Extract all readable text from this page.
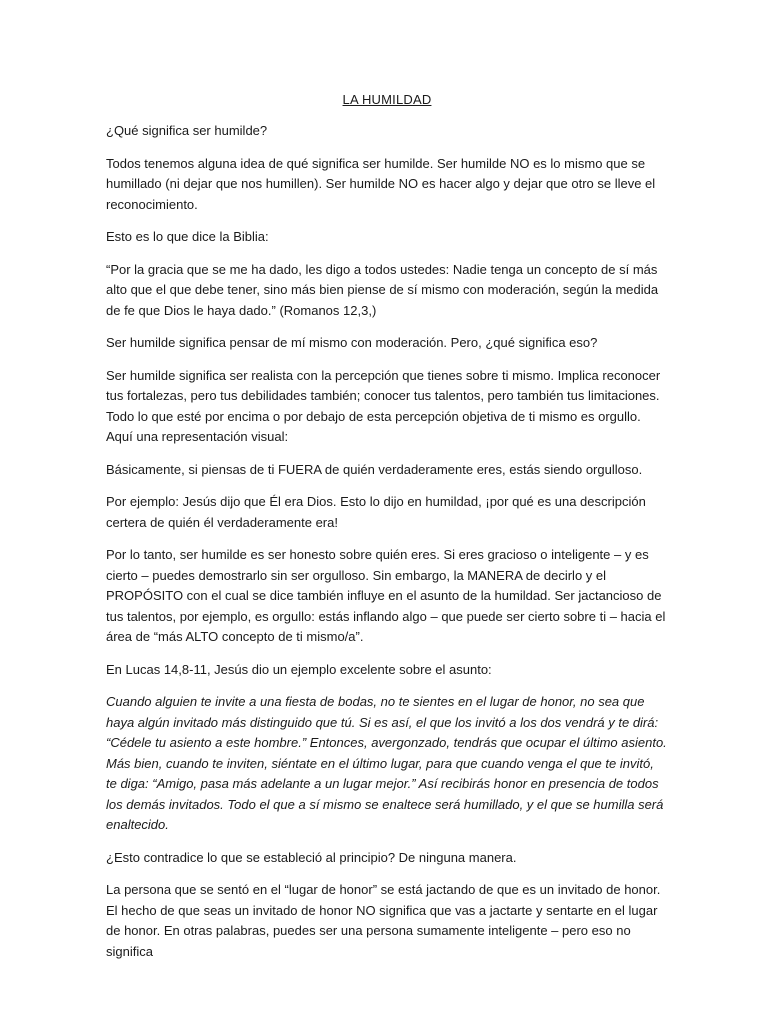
LA HUMILDAD

¿Qué significa ser humilde?

Todos tenemos alguna idea de qué significa ser humilde. Ser humilde NO es lo mismo que se humillado (ni dejar que nos humillen). Ser humilde NO es hacer algo y dejar que otro se lleve el reconocimiento.

Esto es lo que dice la Biblia:

“Por la gracia que se me ha dado, les digo a todos ustedes: Nadie tenga un concepto de sí más alto que el que debe tener, sino más bien piense de sí mismo con moderación, según la medida de fe que Dios le haya dado.” (Romanos 12,3,)

Ser humilde significa pensar de mí mismo con moderación. Pero, ¿qué significa eso?

Ser humilde significa ser realista con la percepción que tienes sobre ti mismo. Implica reconocer tus fortalezas, pero tus debilidades también; conocer tus talentos, pero también tus limitaciones. Todo lo que esté por encima o por debajo de esta percepción objetiva de ti mismo es orgullo. Aquí una representación visual:

Básicamente, si piensas de ti FUERA de quién verdaderamente eres, estás siendo orgulloso.

Por ejemplo: Jesús dijo que Él era Dios. Esto lo dijo en humildad, ¡por qué es una descripción certera de quién él verdaderamente era!

Por lo tanto, ser humilde es ser honesto sobre quién eres. Si eres gracioso o inteligente – y es cierto – puedes demostrarlo sin ser orgulloso. Sin embargo, la MANERA de decirlo y el PROPÓSITO con el cual se dice también influye en el asunto de la humildad. Ser jactancioso de tus talentos, por ejemplo, es orgullo: estás inflando algo – que puede ser cierto sobre ti – hacia el área de “más ALTO concepto de ti mismo/a”.

En Lucas 14,8-11, Jesús dio un ejemplo excelente sobre el asunto:

Cuando alguien te invite a una fiesta de bodas, no te sientes en el lugar de honor, no sea que haya algún invitado más distinguido que tú. Si es así, el que los invitó a los dos vendrá y te dirá: “Cédele tu asiento a este hombre.” Entonces, avergonzado, tendrás que ocupar el último asiento. Más bien, cuando te inviten, siéntate en el último lugar, para que cuando venga el que te invitó, te diga: “Amigo, pasa más adelante a un lugar mejor.” Así recibirás honor en presencia de todos los demás invitados. Todo el que a sí mismo se enaltece será humillado, y el que se humilla será enaltecido.

¿Esto contradice lo que se estableció al principio? De ninguna manera.

La persona que se sentó en el “lugar de honor” se está jactando de que es un invitado de honor. El hecho de que seas un invitado de honor NO significa que vas a jactarte y sentarte en el lugar de honor. En otras palabras, puedes ser una persona sumamente inteligente – pero eso no significa
